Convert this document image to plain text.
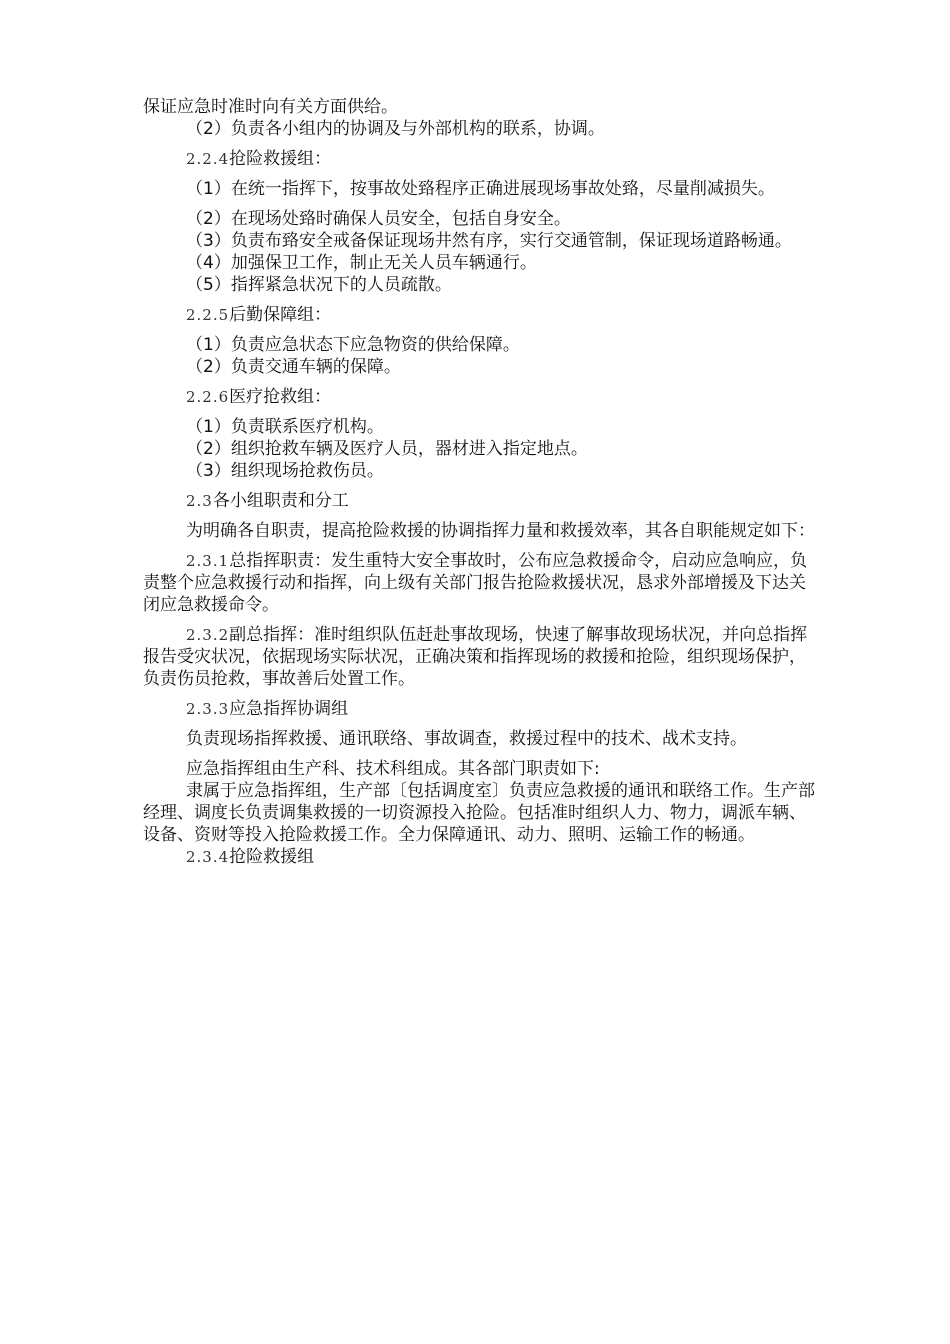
保证应急时准时向有关方面供给。

（2）负责各小组内的协调及与外部机构的联系，协调。

2.2.4抢险救援组：

（1）在统一指挥下，按事故处臵程序正确进展现场事故处臵，尽量削减损失。

（2）在现场处臵时确保人员安全，包括自身安全。

（3）负责布臵安全戒备保证现场井然有序，实行交通管制，保证现场道路畅通。

（4）加强保卫工作，制止无关人员车辆通行。

（5）指挥紧急状况下的人员疏散。

2.2.5后勤保障组：

（1）负责应急状态下应急物资的供给保障。

（2）负责交通车辆的保障。

2.2.6医疗抢救组：

（1）负责联系医疗机构。

（2）组织抢救车辆及医疗人员，器材进入指定地点。

（3）组织现场抢救伤员。

2.3各小组职责和分工

为明确各自职责，提高抢险救援的协调指挥力量和救援效率，其各自职能规定如下：

2.3.1总指挥职责：发生重特大安全事故时，公布应急救援命令，启动应急响应，负责整个应急救援行动和指挥，向上级有关部门报告抢险救援状况，恳求外部增援及下达关闭应急救援命令。

2.3.2副总指挥：准时组织队伍赶赴事故现场，快速了解事故现场状况，并向总指挥报告受灾状况，依据现场实际状况，正确决策和指挥现场的救援和抢险，组织现场保护，负责伤员抢救，事故善后处置工作。

2.3.3应急指挥协调组

负责现场指挥救援、通讯联络、事故调查，救援过程中的技术、战术支持。

应急指挥组由生产科、技术科组成。其各部门职责如下:

隶属于应急指挥组，生产部〔包括调度室〕负责应急救援的通讯和联络工作。生产部经理、调度长负责调集救援的一切资源投入抢险。包括准时组织人力、物力，调派车辆、设备、资财等投入抢险救援工作。全力保障通讯、动力、照明、运输工作的畅通。

2.3.4抢险救援组
